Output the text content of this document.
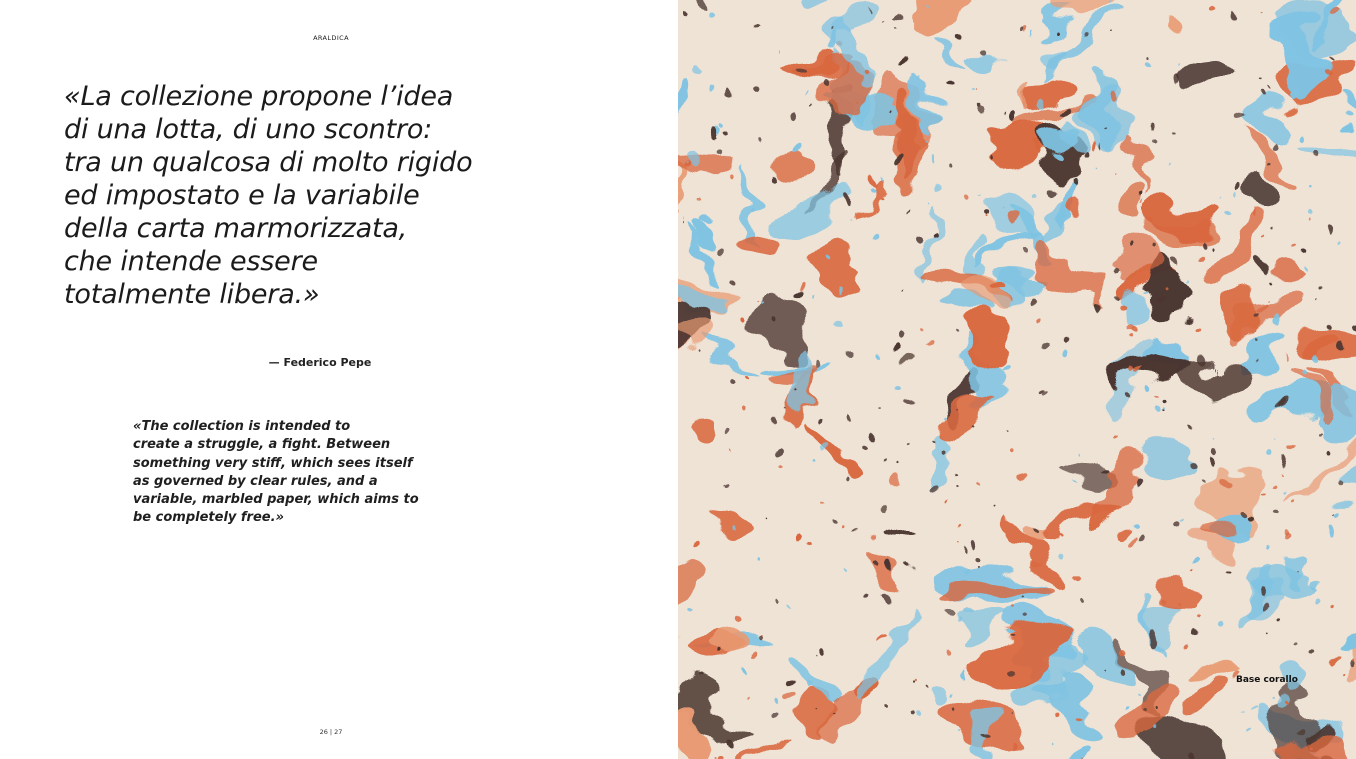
ARALDICA

«La collezione propone l’idea
di una lotta, di uno scontro:
tra un qualcosa di molto rigido
ed impostato e la variabile
della carta marmorizzata,
che intende essere
totalmente libera.»

— Federico Pepe

«The collection is intended to
create a struggle, a fight. Between
something very stiff, which sees itself
as governed by clear rules, and a
variable, marbled paper, which aims to
be completely free.»

26 | 27
Base corallo
